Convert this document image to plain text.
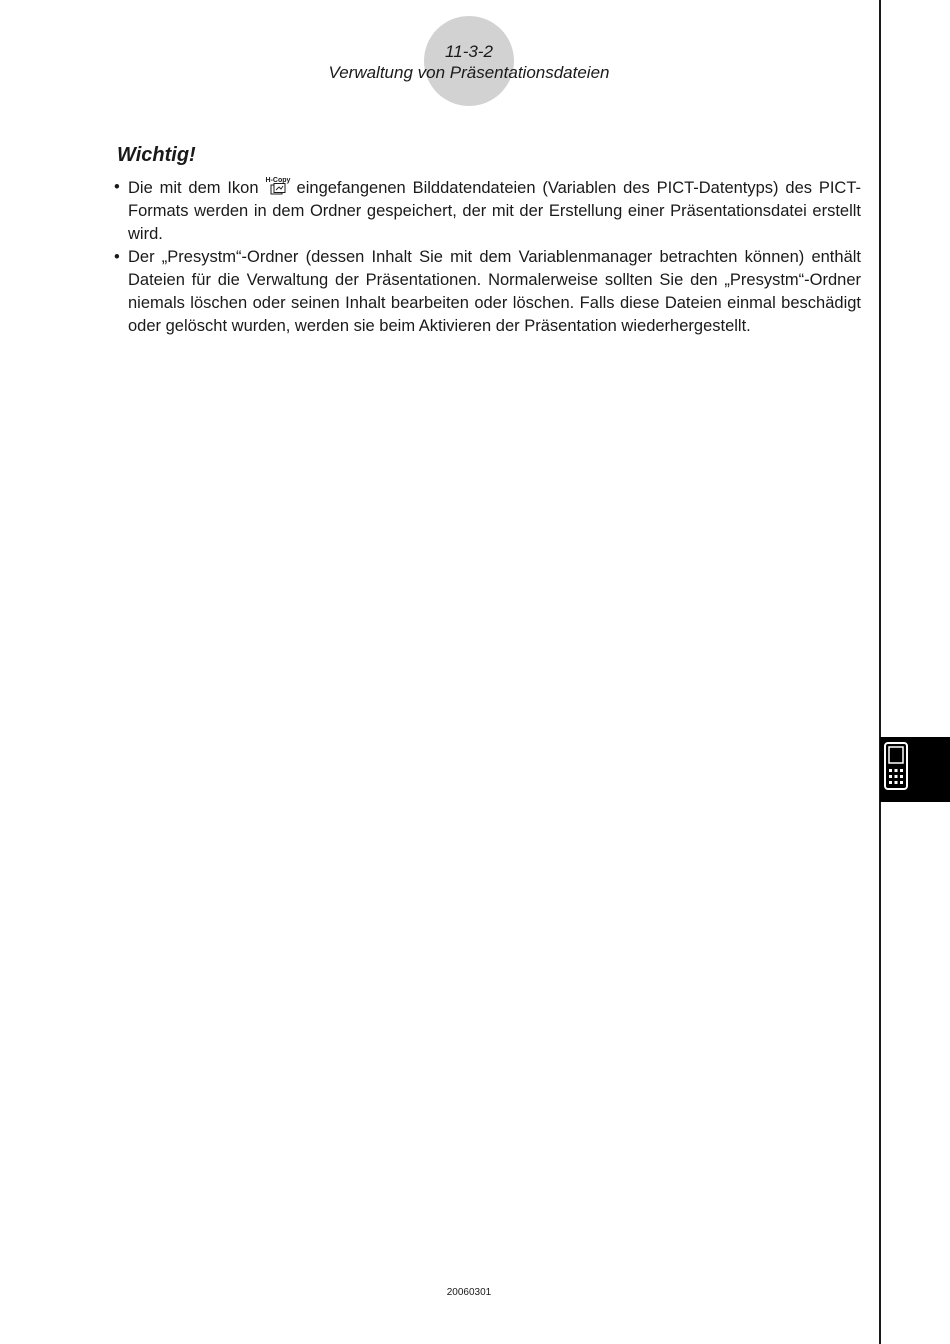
11-3-2
Verwaltung von Präsentationsdateien
Wichtig!
• Die mit dem Ikon H-Copy eingefangenen Bilddatendateien (Variablen des PICT-Datentyps) des PICT-Formats werden in dem Ordner gespeichert, der mit der Erstellung einer Präsentationsdatei erstellt wird.
• Der „Presystm“-Ordner (dessen Inhalt Sie mit dem Variablenmanager betrachten können) enthält Dateien für die Verwaltung der Präsentationen. Normalerweise sollten Sie den „Presystm“-Ordner niemals löschen oder seinen Inhalt bearbeiten oder löschen. Falls diese Dateien einmal beschädigt oder gelöscht wurden, werden sie beim Aktivieren der Präsentation wiederhergestellt.
20060301
